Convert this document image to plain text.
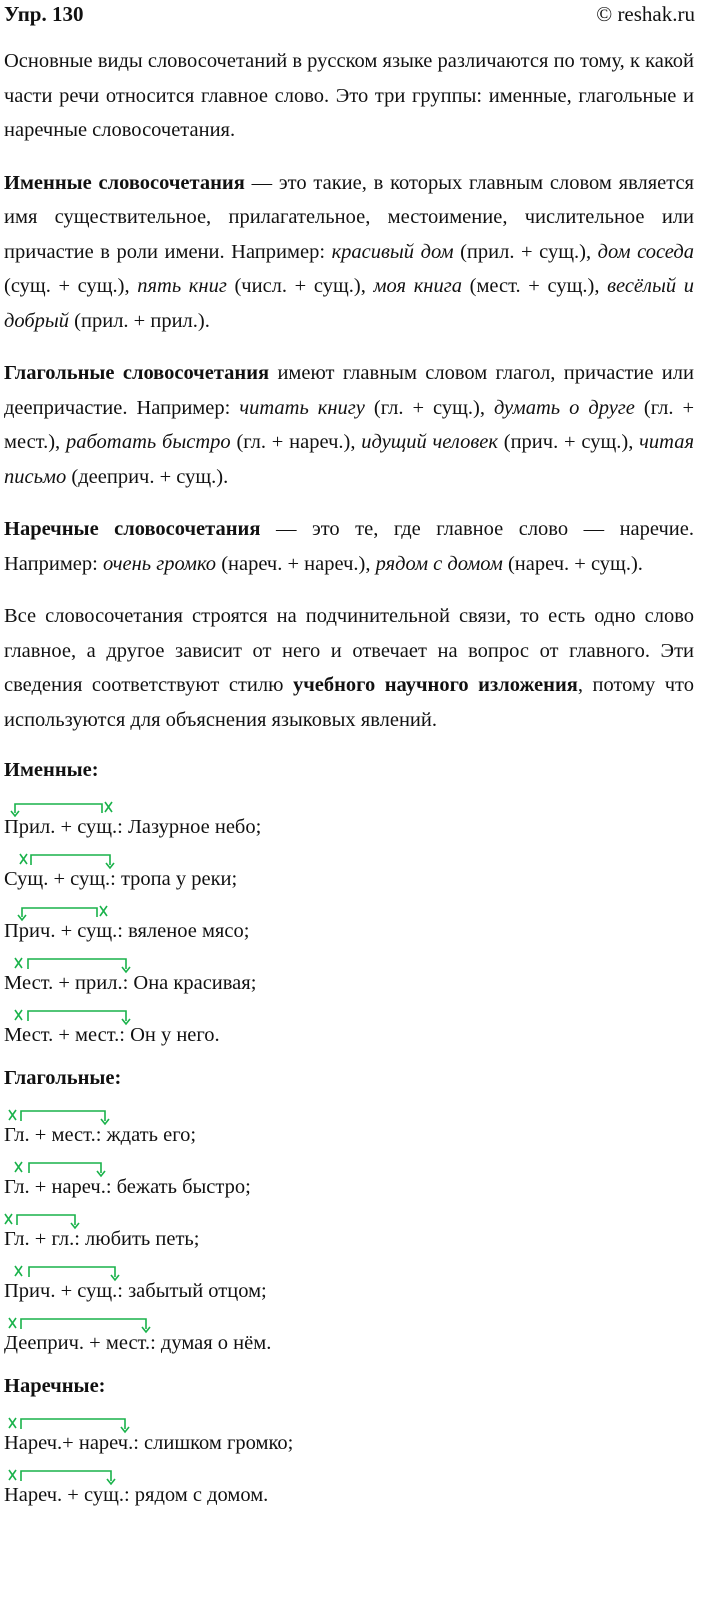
Упр. 130	© reshak.ru

Основные виды словосочетаний в русском языке различаются по тому, к какой части речи относится главное слово. Это три группы: именные, глагольные и наречные словосочетания.

Именные словосочетания — это такие, в которых главным словом является имя существительное, прилагательное, местоимение, числительное или причастие в роли имени. Например: красивый дом (прил. + сущ.), дом соседа (сущ. + сущ.), пять книг (числ. + сущ.), моя книга (мест. + сущ.), весёлый и добрый (прил. + прил.).

Глагольные словосочетания имеют главным словом глагол, причастие или деепричастие. Например: читать книгу (гл. + сущ.), думать о друге (гл. + мест.), работать быстро (гл. + нареч.), идущий человек (прич. + сущ.), читая письмо (дееприч. + сущ.).

Наречные словосочетания — это те, где главное слово — наречие. Например: очень громко (нареч. + нареч.), рядом с домом (нареч. + сущ.).

Все словосочетания строятся на подчинительной связи, то есть одно слово главное, а другое зависит от него и отвечает на вопрос от главного. Эти сведения соответствуют стилю учебного научного изложения, потому что используются для объяснения языковых явлений.

Именные:
Прил. + сущ.: Лазурное небо;
Сущ. + сущ.: тропа у реки;
Прич. + сущ.: вяленое мясо;
Мест. + прил.: Она красивая;
Мест. + мест.: Он у него.
Глагольные:
Гл. + мест.: ждать его;
Гл. + нареч.: бежать быстро;
Гл. + гл.: любить петь;
Прич. + сущ.: забытый отцом;
Дееприч. + мест.: думая о нём.
Наречные:
Нареч.+ нареч.: слишком громко;
Нареч. + сущ.: рядом с домом.
